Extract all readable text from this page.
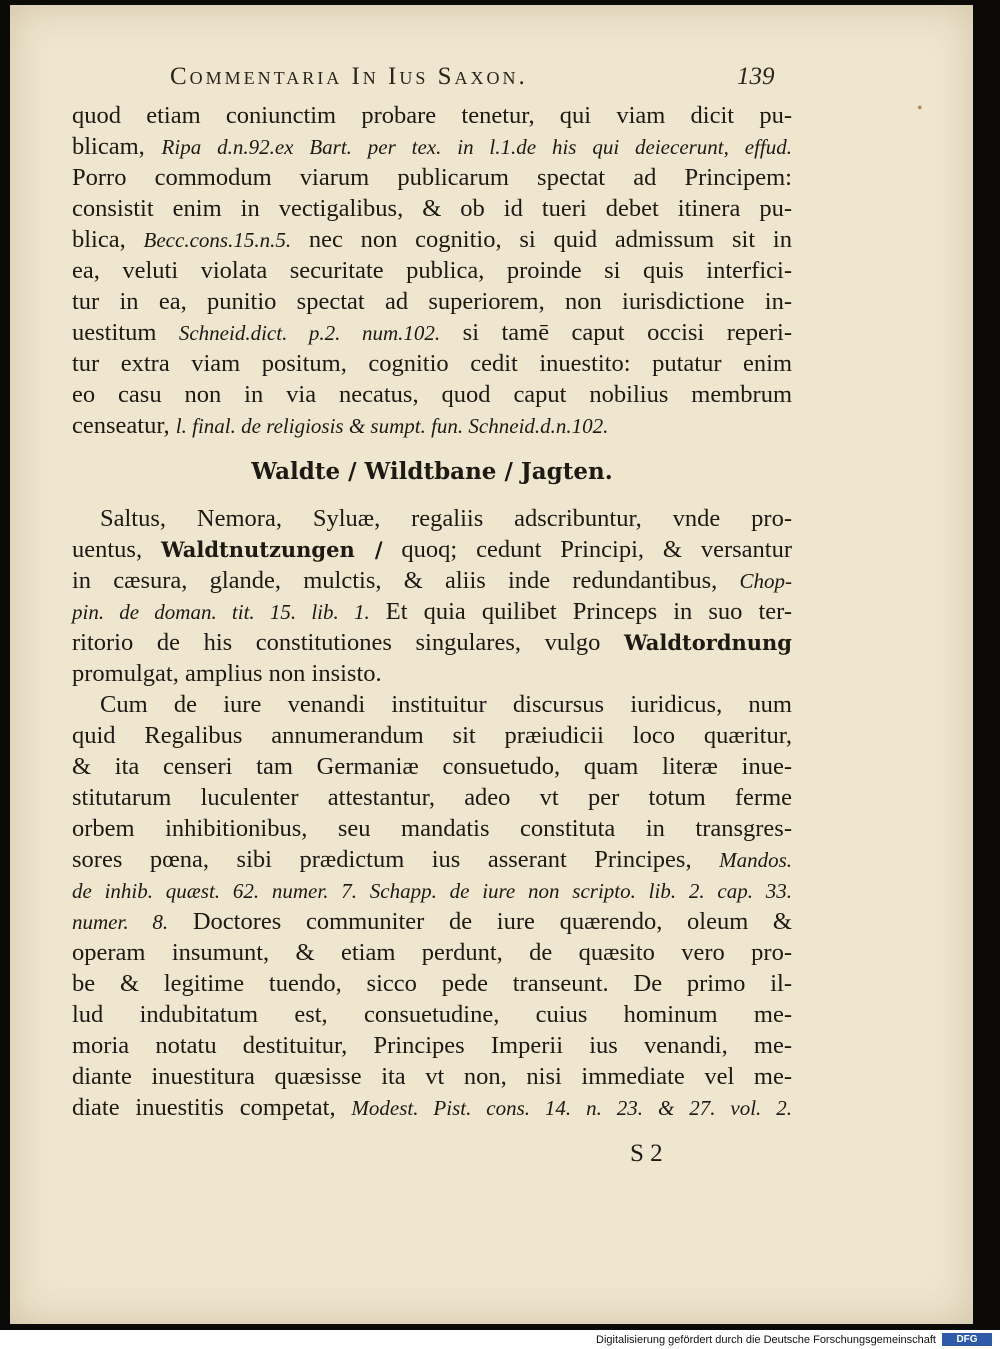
Commentaria In Ius Saxon.	139
•
quod etiam coniunctim probare tenetur, qui viam dicit pu-
blicam, Ripa d.n.92.ex Bart. per tex. in l.1.de his qui deiecerunt, effud.
Porro commodum viarum publicarum spectat ad Principem:
consistit enim in vectigalibus, & ob id tueri debet itinera pu-
blica, Becc.cons.15.n.5. nec non cognitio, si quid admissum sit in
ea, veluti violata securitate publica, proinde si quis interfici-
tur in ea, punitio spectat ad superiorem, non iurisdictione in-
uestitum Schneid.dict. p.2. num.102. si tamē caput occisi reperi-
tur extra viam positum, cognitio cedit inuestito: putatur enim
eo casu non in via necatus, quod caput nobilius membrum
censeatur, l. final. de religiosis & sumpt. fun. Schneid.d.n.102.
Waldte / Wildtbane / Jagten.
Saltus, Nemora, Syluæ, regaliis adscribuntur, vnde pro-
uentus, Waldtnutzungen / quoq; cedunt Principi, & versantur
in cæsura, glande, mulctis, & aliis inde redundantibus, Chop-
pin. de doman. tit. 15. lib. 1. Et quia quilibet Princeps in suo ter-
ritorio de his constitutiones singulares, vulgo Waldtordnung
promulgat, amplius non insisto.
Cum de iure venandi instituitur discursus iuridicus, num
quid Regalibus annumerandum sit præiudicii loco quæritur,
& ita censeri tam Germaniæ consuetudo, quam literæ inue-
stitutarum luculenter attestantur, adeo vt per totum ferme
orbem inhibitionibus, seu mandatis constituta in transgres-
sores pœna, sibi prædictum ius asserant Principes, Mandos.
de inhib. quæst. 62. numer. 7. Schapp. de iure non scripto. lib. 2. cap. 33.
numer. 8. Doctores communiter de iure quærendo, oleum &
operam insumunt, & etiam perdunt, de quæsito vero pro-
be & legitime tuendo, sicco pede transeunt. De primo il-
lud indubitatum est, consuetudine, cuius hominum me-
moria notatu destituitur, Principes Imperii ius venandi, me-
diante inuestitura quæsisse ita vt non, nisi immediate vel me-
diate inuestitis competat, Modest. Pist. cons. 14. n. 23. & 27. vol. 2.
S 2
Digitalisierung gefördert durch die Deutsche Forschungsgemeinschaft	DFG
